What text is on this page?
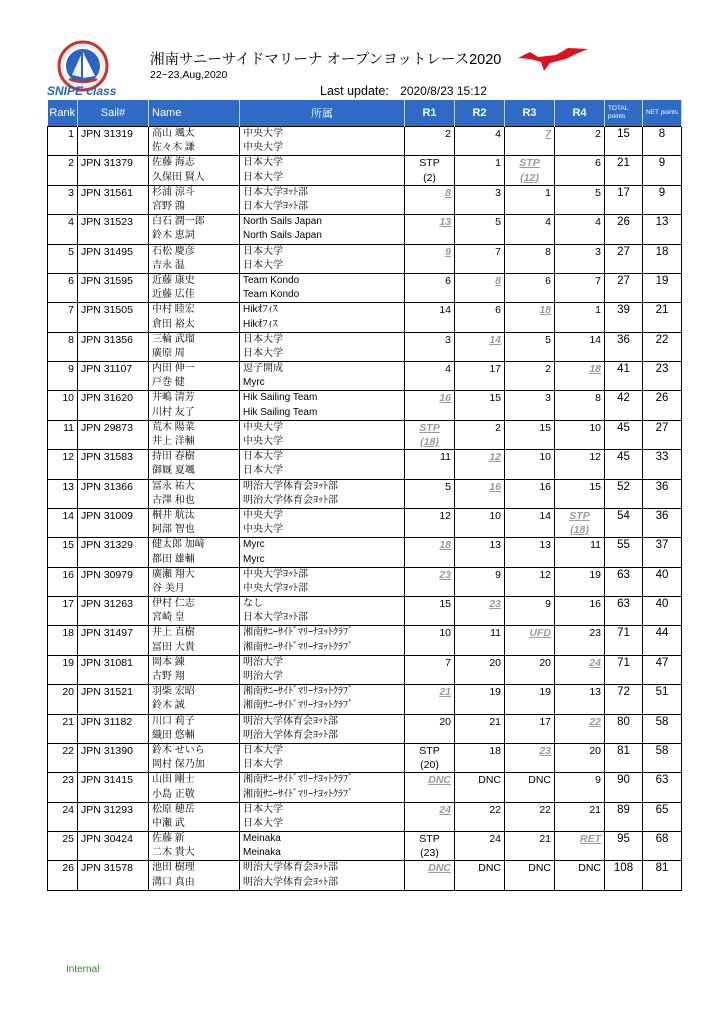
SNIPE class
湘南サニーサイドマリーナ オープンヨットレース2020
22~23,Aug,2020
Last update: 2020/8/23 15:12
Rank	Sail#	Name	所属	R1	R2	R3	R4	TOTAL points	NET points
1	JPN 31319	高山 颯太	中央大学	2	4	7	2	15	8
		佐々木 謙	中央大学						
2	JPN 31379	佐藤 海志	日本大学	STP	1	STP	6	21	9
		久保田 賢人	日本大学	(2)		(12)			
3	JPN 31561	杉浦 涼斗	日本大学ﾖｯﾄ部	8	3	1	5	17	9
		宮野 鴻	日本大学ﾖｯﾄ部						
4	JPN 31523	白石 潤一郎	North Sails Japan	13	5	4	4	26	13
		鈴木 恵詞	North Sails Japan						
5	JPN 31495	石松 慶彦	日本大学	9	7	8	3	27	18
		吉永 温	日本大学						
6	JPN 31595	近藤 康史	Team Kondo	6	8	6	7	27	19
		近藤 広佳	Team Kondo						
7	JPN 31505	中村 睦宏	Hikｵﾌｨｽ	14	6	18	1	39	21
		倉田 裕太	Hikｵﾌｨｽ						
8	JPN 31356	三輪 武瑠	日本大学	3	14	5	14	36	22
		廣原 周	日本大学						
9	JPN 31107	内田 伸一	逗子開成	4	17	2	18	41	23
		戸巻 健	Myrc						
10	JPN 31620	井嶋 清芳	Hik Sailing Team	16	15	3	8	42	26
		川村 友了	Hik Sailing Team						
11	JPN 29873	荒木 陽菜	中央大学	STP	2	15	10	45	27
		井上 洋輔	中央大学	(18)					
12	JPN 31583	持田 春樹	日本大学	11	12	10	12	45	33
		御厩 夏颯	日本大学						
13	JPN 31366	冨永 祐大	明治大学体育会ﾖｯﾄ部	5	16	16	15	52	36
		古澤 和也	明治大学体育会ﾖｯﾄ部						
14	JPN 31009	桐井 航汰	中央大学	12	10	14	STP	54	36
		阿部 智也	中央大学				(18)		
15	JPN 31329	健太郎 加﨑	Myrc	18	13	13	11	55	37
		都田 雄輔	Myrc						
16	JPN 30979	廣瀬 翔大	中央大学ﾖｯﾄ部	23	9	12	19	63	40
		谷 美月	中央大学ﾖｯﾄ部						
17	JPN 31263	伊村 仁志	なし	15	23	9	16	63	40
		宮崎 皇	日本大学ﾖｯﾄ部						
18	JPN 31497	井上 直樹	湘南ｻﾆｰｻｲﾄﾞﾏﾘｰﾅﾖｯﾄｸﾗﾌﾞ	10	11	UFD	23	71	44
		冨田 大貴	湘南ｻﾆｰｻｲﾄﾞﾏﾘｰﾅﾖｯﾄｸﾗﾌﾞ						
19	JPN 31081	岡本 錬	明治大学	7	20	20	24	71	47
		古野 翔	明治大学						
20	JPN 31521	羽柴 宏昭	湘南ｻﾆｰｻｲﾄﾞﾏﾘｰﾅﾖｯﾄｸﾗﾌﾞ	21	19	19	13	72	51
		鈴木 誠	湘南ｻﾆｰｻｲﾄﾞﾏﾘｰﾅﾖｯﾄｸﾗﾌﾞ						
21	JPN 31182	川口 莉子	明治大学体育会ﾖｯﾄ部	20	21	17	22	80	58
		織田 悠輔	明治大学体育会ﾖｯﾄ部						
22	JPN 31390	鈴木 せいら	日本大学	STP	18	23	20	81	58
		岡村 保乃加	日本大学	(20)					
23	JPN 31415	山田 剛士	湘南ｻﾆｰｻｲﾄﾞﾏﾘｰﾅﾖｯﾄｸﾗﾌﾞ	DNC	DNC	DNC	9	90	63
		小島 正敬	湘南ｻﾆｰｻｲﾄﾞﾏﾘｰﾅﾖｯﾄｸﾗﾌﾞ						
24	JPN 31293	松原 穂岳	日本大学	24	22	22	21	89	65
		中瀬 武	日本大学						
25	JPN 30424	佐藤 新	Meinaka	STP	24	21	RET	95	68
		二木 貴大	Meinaka	(23)					
26	JPN 31578	池田 樹理	明治大学体育会ﾖｯﾄ部	DNC	DNC	DNC	DNC	108	81
		溝口 真由	明治大学体育会ﾖｯﾄ部						
Internal
